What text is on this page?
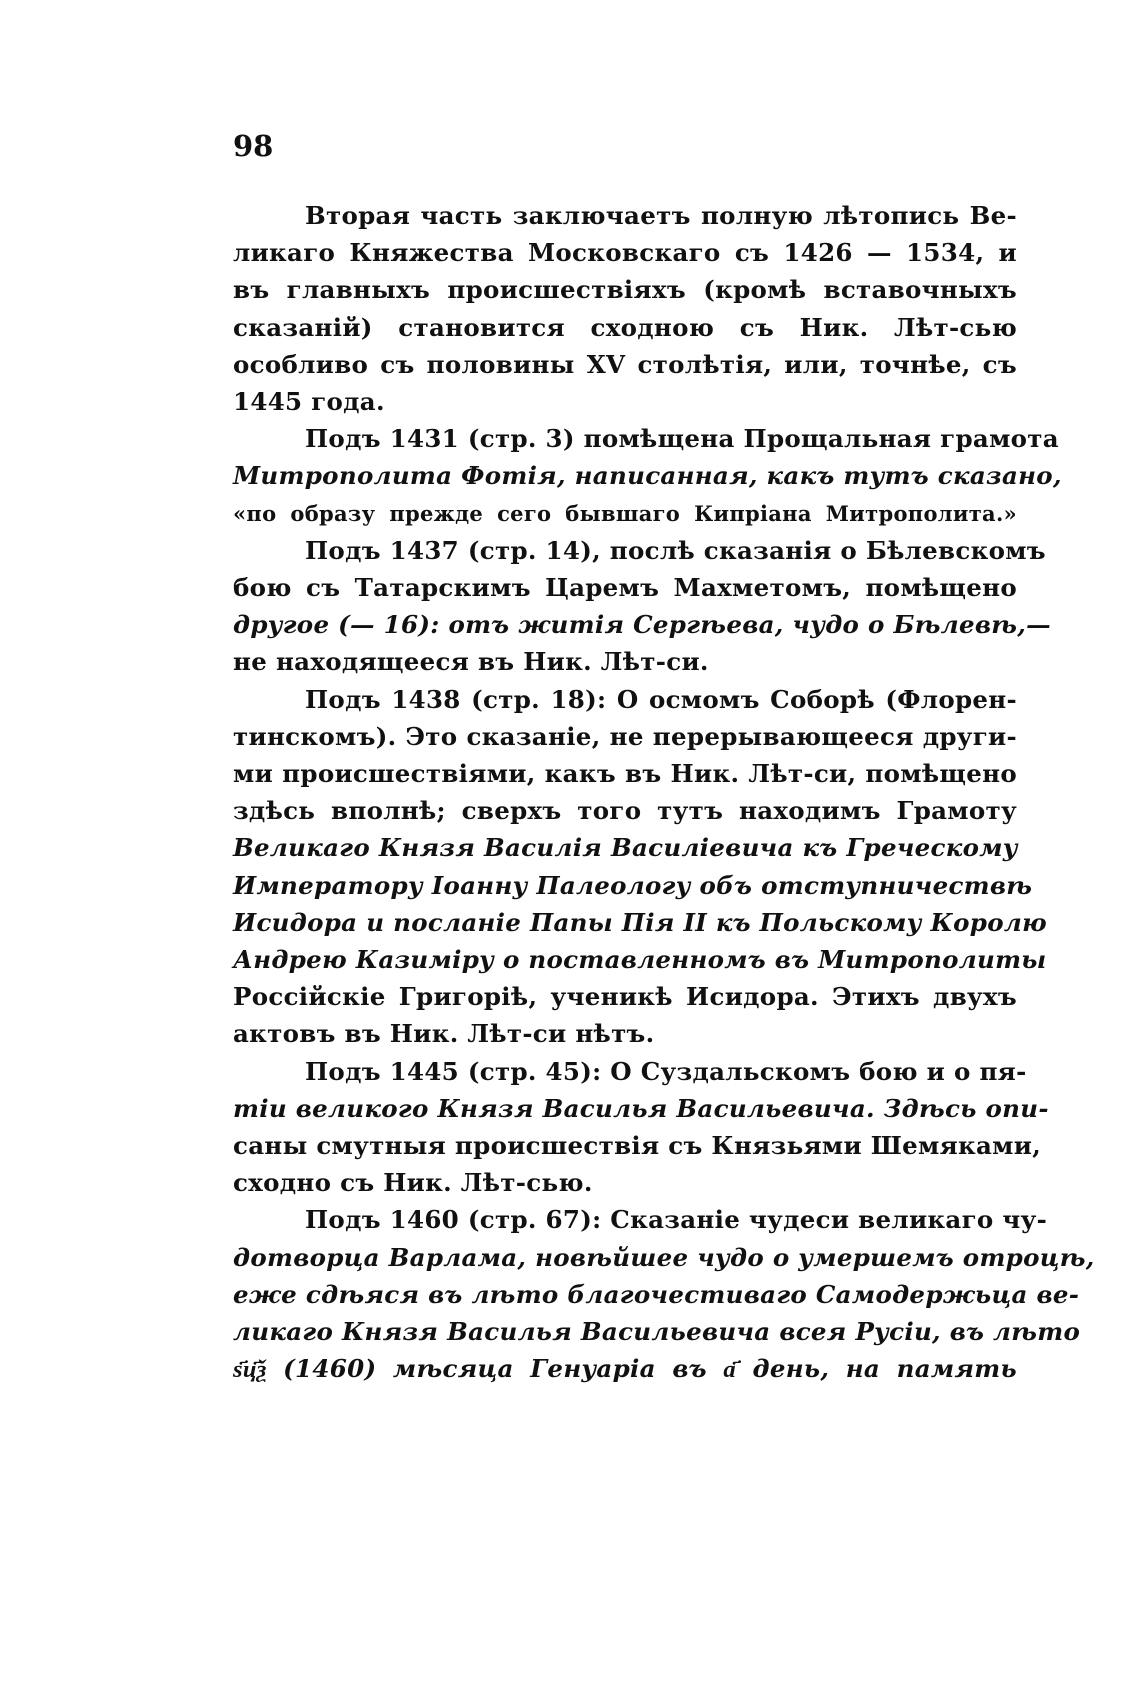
98
Вторая часть заключаетъ полную лѣтопись Ве-
ликаго Княжества Московскаго съ 1426 — 1534, и
въ главныхъ происшествіяхъ (кромѣ вставочныхъ
сказаній) становится сходною съ Ник. Лѣт-сью
особливо съ половины XV столѣтія, или, точнѣе, съ
1445 года.
Подъ 1431 (стр. 3) помѣщена Прощальная грамота
Митрополита Фотія, написанная, какъ тутъ сказано,
«по образу прежде сего бывшаго Кипріана Митрополита.»
Подъ 1437 (стр. 14), послѣ сказанія о Бѣлевскомъ
бою съ Татарскимъ Царемъ Махметомъ, помѣщено
другое (— 16): отъ житія Сергѣева, чудо о Бѣлевѣ,—
не находящееся въ Ник. Лѣт-си.
Подъ 1438 (стр. 18): О осмомъ Соборѣ (Флорен-
тинскомъ). Это сказаніе, не перерывающееся други-
ми происшествіями, какъ въ Ник. Лѣт-си, помѣщено
здѣсь вполнѣ; сверхъ того тутъ находимъ Грамоту
Великаго Князя Василія Василіевича къ Греческому
Императору Іоанну Палеологу объ отступничествѣ
Исидора и посланіе Папы Пія II къ Польскому Королю
Андрею Казиміру о поставленномъ въ Митрополиты
Россійскіе Григоріѣ, ученикѣ Исидора. Этихъ двухъ
актовъ въ Ник. Лѣт-си нѣтъ.
Подъ 1445 (стр. 45): О Суздальскомъ бою и о пя-
тіи великого Князя Василья Васильевича. Здѣсь опи-
саны смутныя происшествія съ Князьями Шемяками,
сходно съ Ник. Лѣт-сью.
Подъ 1460 (стр. 67): Сказаніе чудеси великаго чу-
дотворца Варлама, новѣйшее чудо о умершемъ отроцѣ,
еже сдѣяся въ лѣто благочестиваго Самодержьца ве-
ликаго Князя Василья Васильевича всея Русіи, въ лѣто
ѕ҃ц҃ѯ (1460) мѣсяца Генуаріа въ а҃ день, на память
